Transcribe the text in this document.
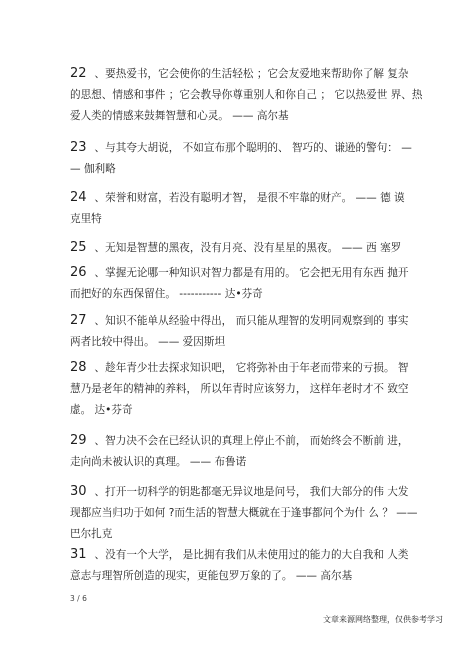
22 、要热爱书，它会使你的生活轻松 ；它会友爱地来帮助你了解 复杂
的思想、情感和事件 ；它会教导你尊重别人和你自己 ； 它以热爱世 界、热
爱人类的情感来鼓舞智慧和心灵。 —— 高尔基
23 、与其夸大胡说， 不如宣布那个聪明的、 智巧的、谦逊的警句： —
— 伽利略
24 、荣誉和财富，若没有聪明才智， 是很不牢靠的财产。 —— 德 谟
克里特
25 、无知是智慧的黑夜，没有月亮、没有星星的黑夜。 —— 西 塞罗
26 、掌握无论哪一种知识对智力都是有用的。 它会把无用有东西 抛开
而把好的东西保留住。 ----------- 达•芬奇
27 、知识不能单从经验中得出， 而只能从理智的发明同观察到的 事实
两者比较中得出。 —— 爱因斯坦
28 、趁年青少壮去探求知识吧， 它将弥补由于年老而带来的亏损。 智
慧乃是老年的精神的养料， 所以年青时应该努力， 这样年老时才不 致空
虚。 达•芬奇
29 、智力决不会在已经认识的真理上停止不前， 而始终会不断前 进，
走向尚未被认识的真理。 —— 布鲁诺
30 、打开一切科学的钥匙都毫无异议地是问号， 我们大部分的伟 大发
现都应当归功于如何 ?而生活的智慧大概就在于逢事都问个为什 么 ？ ——
巴尔扎克
31 、没有一个大学， 是比拥有我们从未使用过的能力的大自我和 人类
意志与理智所创造的现实，更能包罗万象的了。 —— 高尔基
3 / 6
文章来源网络整理，仅供参考学习
